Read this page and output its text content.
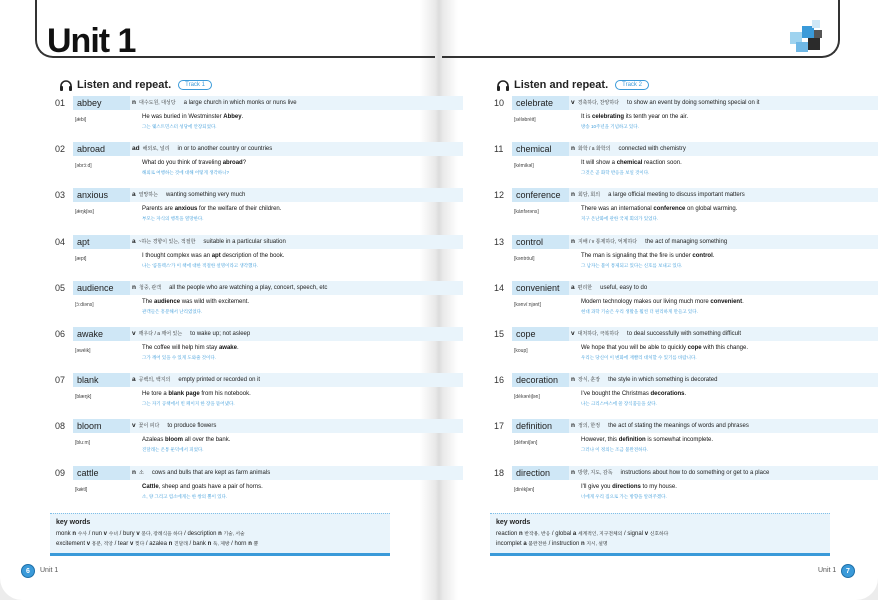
Unit 1
Listen and repeat.	Track 1	Listen and repeat.	Track 2
01	abbey	n 대수도원, 대성당 a large church in which monks or nuns live
[ǽbi]	He was buried in Westminster Abbey.
그는 웨스트민스터 성당에 안장되었다.
02	abroad	ad 해외로, 널리 in or to another country or countries
[əbrɔ́ːd]	What do you think of traveling abroad?
해외로 여행하는 것에 대해 어떻게 생각하니?
03	anxious	a 열망하는 wanting something very much
[ǽŋkʃəs]	Parents are anxious for the welfare of their children.
부모는 자식의 행복을 열망한다.
04	apt	a ~하는 경향이 있는, 적절한 suitable in a particular situation
[æpt]	I thought complex was an apt description of the book.
나는 '콤플렉스'가 이 책에 대한 적절한 설명이라고 생각했다.
05	audience	n 청중, 관객 all the people who are watching a play, concert, speech, etc
[ɔ́ːdiəns]	The audience was wild with excitement.
관객들은 흥분해서 난리였었다.
06	awake	v 깨우다 / a 깨어 있는 to wake up; not asleep
[əwéik]	The coffee will help him stay awake.
그가 깨어 있을 수 있게 도와줄 것이다.
07	blank	a 공백의, 백지의 empty printed or recorded on it
[blæŋk]	He tore a blank page from his notebook.
그는 자기 공책에서 빈 페이지 한 장을 뜯어냈다.
08	bloom	v 꽃이 피다 to produce flowers
[bluːm]	Azaleas bloom all over the bank.
진달래는 온통 둔덕에서 피었다.
09	cattle	n 소 cows and bulls that are kept as farm animals
[kǽtl]	Cattle, sheep and goats have a pair of horns.
소, 양 그리고 염소에게는 한 쌍의 뿔이 있다.
10	celebrate	v 경축하다, 찬양하다 to show an event by doing something special on it
[séləbrèit]	It is celebrating its tenth year on the air.
방송 10주년을 기념하고 있다.
11	chemical	n 화학 / a 화학의 connected with chemistry
[kémikəl]	It will show a chemical reaction soon.
그것은 곧 화학 반응을 보일 것이다.
12	conference	n 회담, 회의 a large official meeting to discuss important matters
[kánfərəns]	There was an international conference on global warming.
지구 온난화에 관한 국제 회의가 있었다.
13	control	n 지배 / v 통제하다, 억제하다 the act of managing something
[kəntróul]	The man is signaling that the fire is under control.
그 남자는 불이 통제되고 있다는 신호를 보내고 있다.
14	convenient	a 편리한 useful, easy to do
[kənvíːnjənt]	Modern technology makes our living much more convenient.
현대 과학 기술은 우리 생활을 훨씬 더 편리하게 만들고 있다.
15	cope	v 대처하다, 극복하다 to deal successfully with something difficult
[koup]	We hope that you will be able to quickly cope with this change.
우리는 당신이 이 변화에 재빨리 대처할 수 있기를 바랍니다.
16	decoration	n 장식, 훈장 the style in which something is decorated
[dèkəréiʃən]	I've bought the Christmas decorations.
나는 크리스마스에 쓸 장식품들을 샀다.
17	definition	n 정의, 한정 the act of stating the meanings of words and phrases
[dèfəníʃən]	However, this definition is somewhat incomplete.
그러나 이 정의는 조금 불완전하다.
18	direction	n 방향, 지도, 감독 instructions about how to do something or get to a place
[dirékʃən]	I'll give you directions to my house.
너에게 우리 집으로 가는 방향을 알려주겠다.
key words
monk n 수사 / nun v 수녀 / bury v 묻다, 장례식을 하다 / description n 기술, 서술
excitement v 흥분, 격앙 / tear v 찢다 / azalea n 진달래 / bank n 둑, 제방 / horn n 뿔
key words
reaction n 반작용, 반응 / global a 세계적인, 지구전체의 / signal v 신호하다
incomplet a 불완전한 / instruction n 지시, 설명
6	Unit 1	Unit 1	7
